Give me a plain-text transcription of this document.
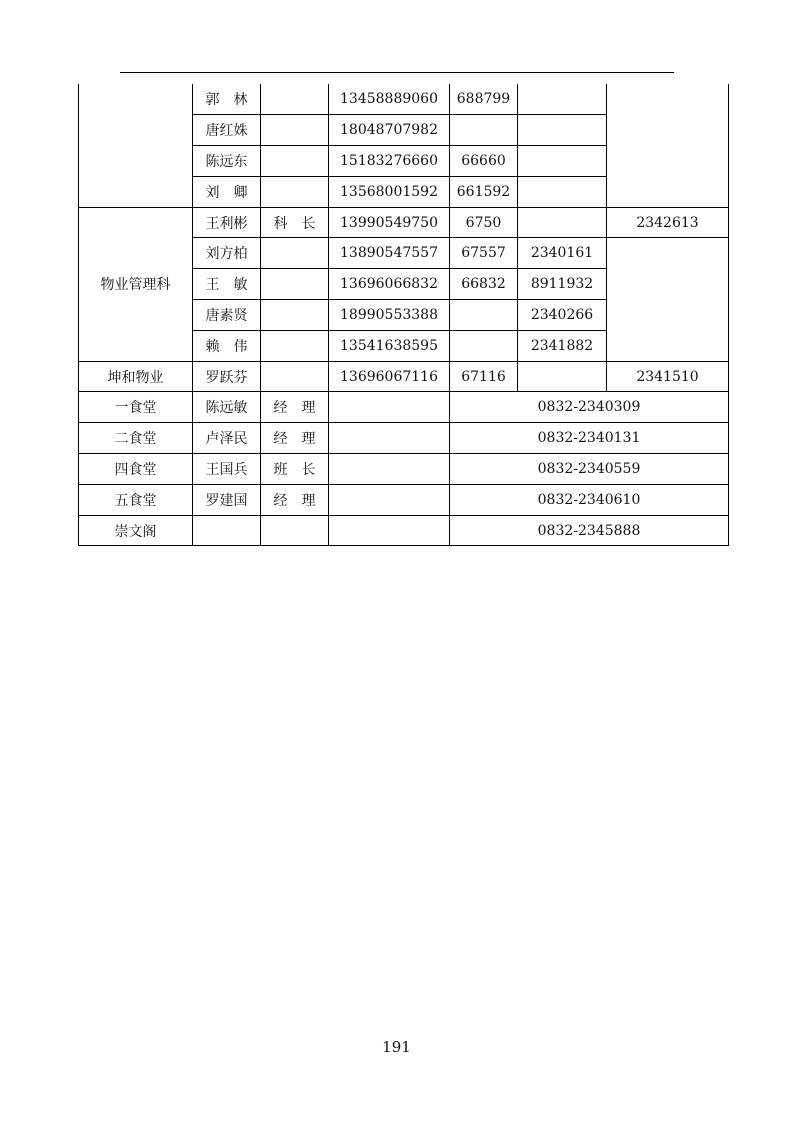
	郭　林		13458889060	688799		
	唐红姝		18048707982			
	陈远东		15183276660	66660		
	刘　卿		13568001592	661592		
物业管理科	王利彬	科　长	13990549750	6750		2342613
	刘方柏		13890547557	67557	2340161	
	王　敏		13696066832	66832	8911932	
	唐素贤		18990553388		2340266	
	赖　伟		13541638595		2341882	
坤和物业	罗跃芬		13696067116	67116		2341510
一食堂	陈远敏	经　理		0832-2340309		
二食堂	卢泽民	经　理		0832-2340131		
四食堂	王国兵	班　长		0832-2340559		
五食堂	罗建国	经　理		0832-2340610		
崇文阁				0832-2345888		
191
